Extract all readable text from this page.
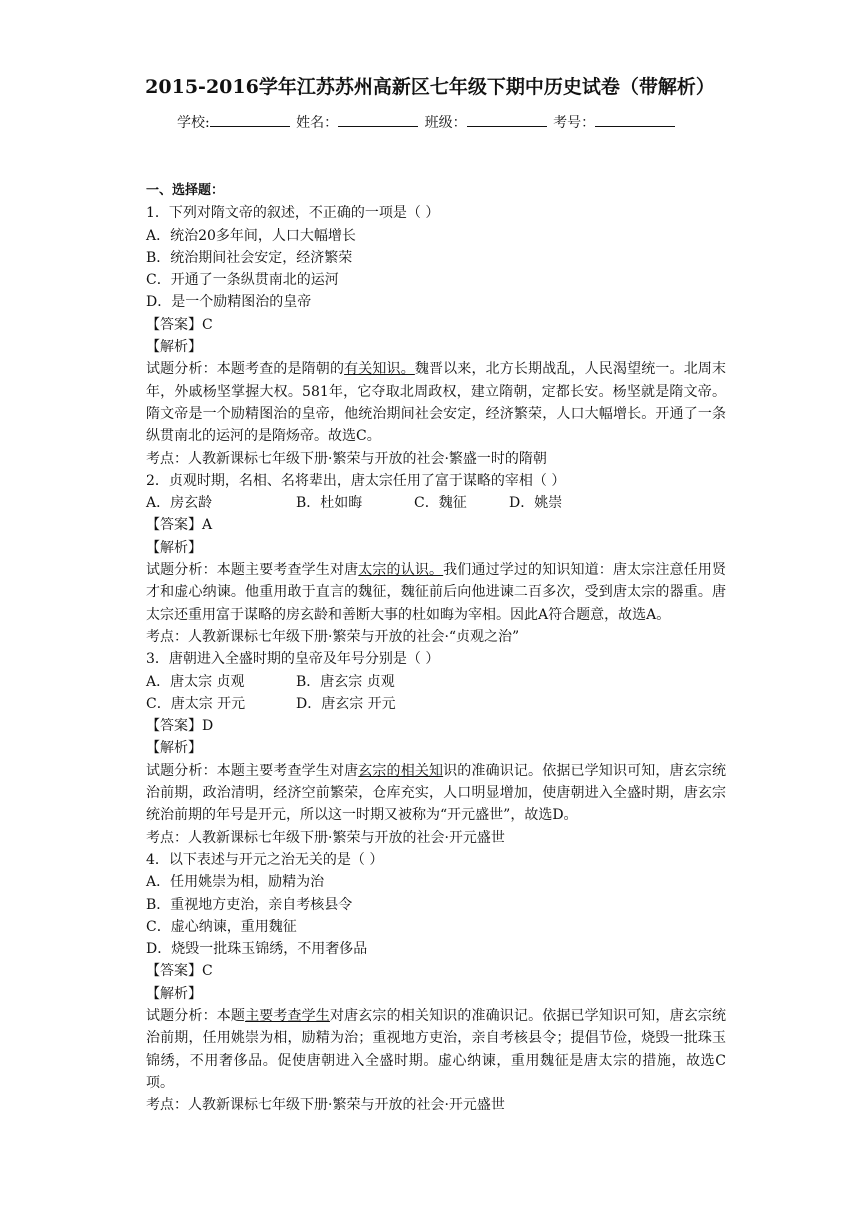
2015-2016学年江苏苏州高新区七年级下期中历史试卷（带解析）
学校:	姓名：	班级：	考号：
一、选择题：
1．下列对隋文帝的叙述，不正确的一项是（ ）
A．统治20多年间，人口大幅增长
B．统治期间社会安定，经济繁荣
C．开通了一条纵贯南北的运河
D．是一个励精图治的皇帝
【答案】C
【解析】
试题分析：本题考查的是隋朝的有关知识。魏晋以来，北方长期战乱，人民渴望统一。北周末年，外戚杨坚掌握大权。581年，它夺取北周政权，建立隋朝，定都长安。杨坚就是隋文帝。隋文帝是一个励精图治的皇帝，他统治期间社会安定，经济繁荣，人口大幅增长。开通了一条纵贯南北的运河的是隋炀帝。故选C。
考点：人教新课标七年级下册·繁荣与开放的社会·繁盛一时的隋朝
2．贞观时期，名相、名将辈出，唐太宗任用了富于谋略的宰相（ ）
A．房玄龄	B．杜如晦	C．魏征	D．姚崇
【答案】A
【解析】
试题分析：本题主要考查学生对唐太宗的认识。我们通过学过的知识知道：唐太宗注意任用贤才和虚心纳谏。他重用敢于直言的魏征，魏征前后向他进谏二百多次，受到唐太宗的器重。唐太宗还重用富于谋略的房玄龄和善断大事的杜如晦为宰相。因此A符合题意，故选A。
考点：人教新课标七年级下册·繁荣与开放的社会·“贞观之治”
3．唐朝进入全盛时期的皇帝及年号分别是（ ）
A．唐太宗 贞观	B．唐玄宗 贞观
C．唐太宗 开元	D．唐玄宗 开元
【答案】D
【解析】
试题分析：本题主要考查学生对唐玄宗的相关知识的准确识记。依据已学知识可知，唐玄宗统治前期，政治清明，经济空前繁荣，仓库充实，人口明显增加，使唐朝进入全盛时期，唐玄宗统治前期的年号是开元，所以这一时期又被称为“开元盛世”，故选D。
考点：人教新课标七年级下册·繁荣与开放的社会·开元盛世
4．以下表述与开元之治无关的是（ ）
A．任用姚崇为相，励精为治
B．重视地方吏治，亲自考核县令
C．虚心纳谏，重用魏征
D．烧毁一批珠玉锦绣，不用奢侈品
【答案】C
【解析】
试题分析：本题主要考查学生对唐玄宗的相关知识的准确识记。依据已学知识可知，唐玄宗统治前期，任用姚崇为相，励精为治；重视地方吏治，亲自考核县令；提倡节俭，烧毁一批珠玉锦绣，不用奢侈品。促使唐朝进入全盛时期。虚心纳谏，重用魏征是唐太宗的措施，故选C项。
考点：人教新课标七年级下册·繁荣与开放的社会·开元盛世
